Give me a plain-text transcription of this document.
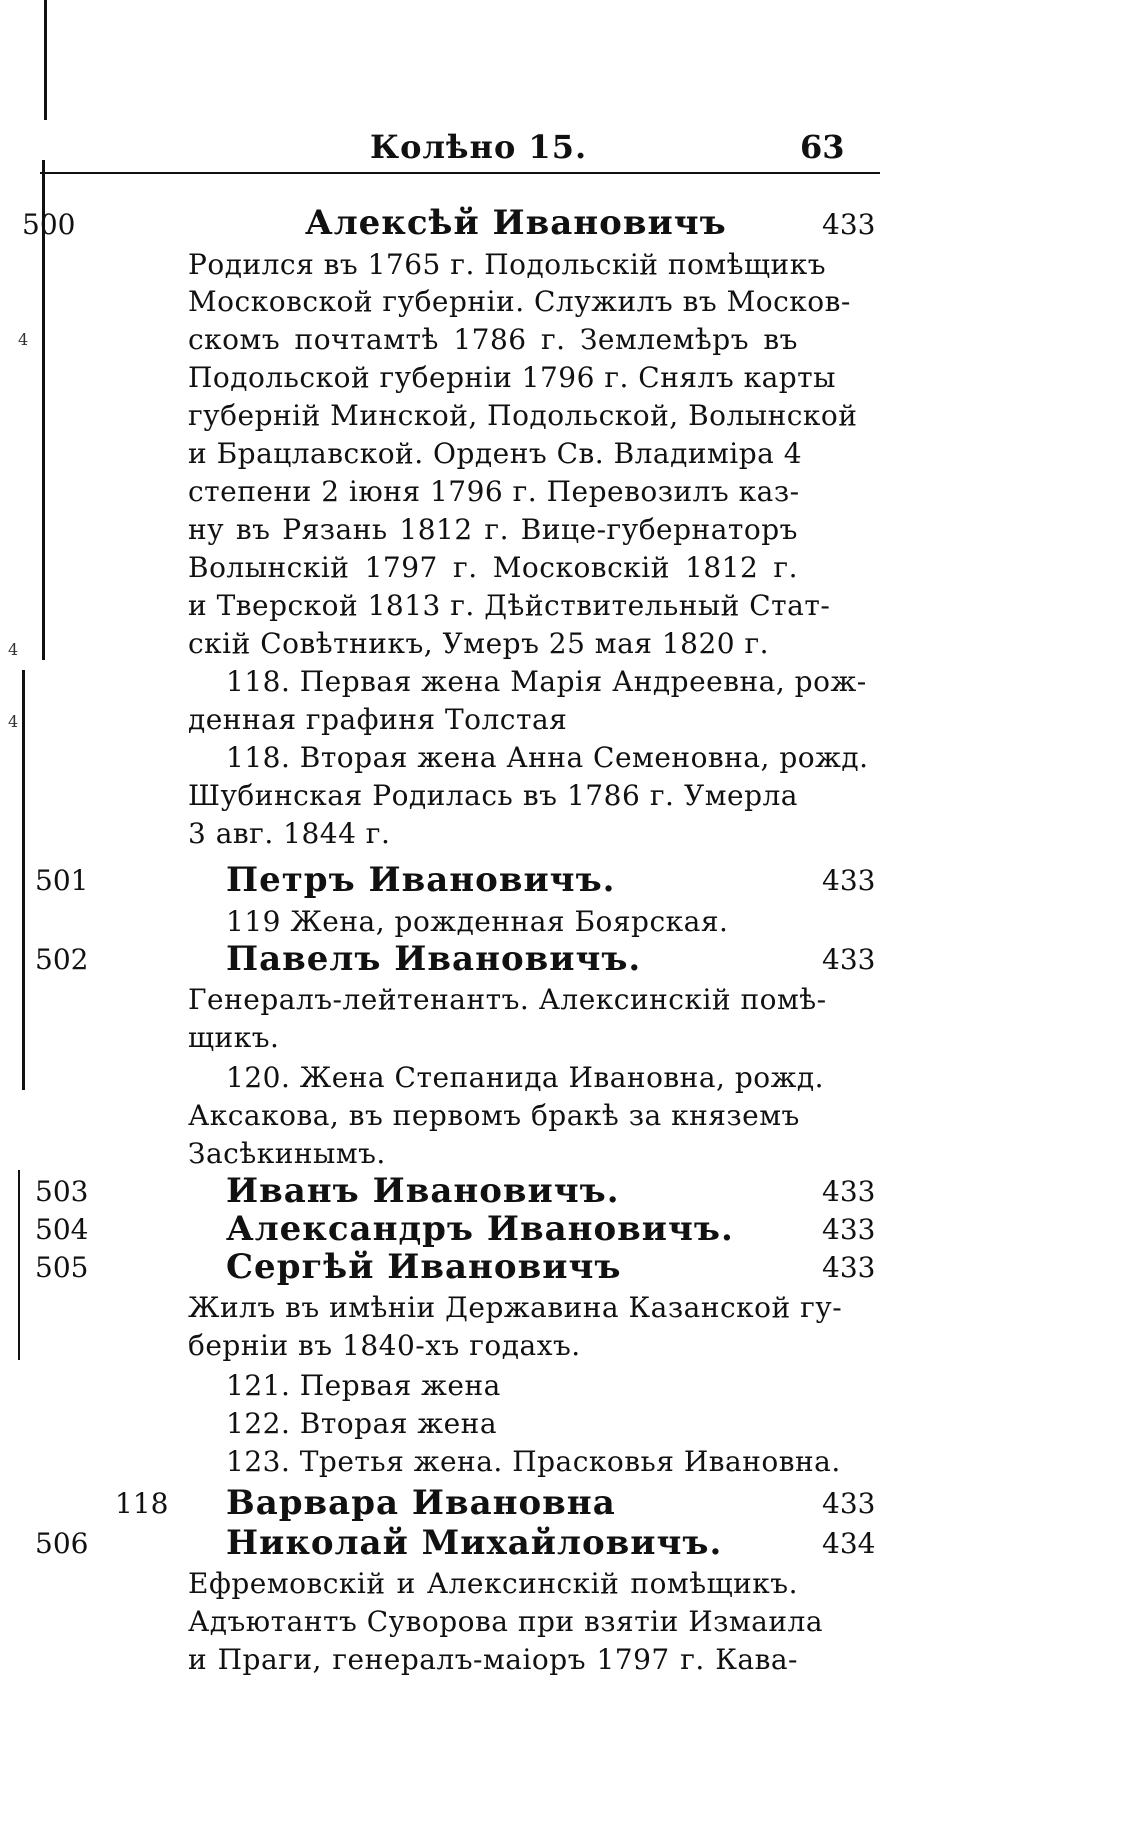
Колѣно 15.	63
4
4
4
500	Алексѣй Ивановичъ	433
Родился въ 1765 г. Подольскій помѣщикъ
Московской губерніи. Служилъ въ Москов-
скомъ почтамтѣ 1786 г. Землемѣръ въ
Подольской губерніи 1796 г. Снялъ карты
губерній Минской, Подольской, Волынской
и Брацлавской. Орденъ Св. Владиміра 4
степени 2 іюня 1796 г. Перевозилъ каз-
ну въ Рязань 1812 г. Вице-губернаторъ
Волынскій 1797 г. Московскій 1812 г.
и Тверской 1813 г. Дѣйствительный Стат-
скій Совѣтникъ, Умеръ 25 мая 1820 г.
118. Первая жена Марія Андреевна, рож-
денная графиня Толстая
118. Вторая жена Анна Семеновна, рожд.
Шубинская Родилась въ 1786 г. Умерла
3 авг. 1844 г.
501	Петръ Ивановичъ.	433
119 Жена, рожденная Боярская.
502	Павелъ Ивановичъ.	433
Генералъ-лейтенантъ. Алексинскій помѣ-
щикъ.
120. Жена Степанида Ивановна, рожд.
Аксакова, въ первомъ бракѣ за княземъ
Засѣкинымъ.
503	Иванъ Ивановичъ.	433
504	Александръ Ивановичъ.	433
505	Сергѣй Ивановичъ	433
Жилъ въ имѣніи Державина Казанской гу-
берніи въ 1840-хъ годахъ.
121. Первая жена
122. Вторая жена
123. Третья жена. Прасковья Ивановна.
118 Варвара Ивановна	433
506	Николай Михайловичъ.	434
Ефремовскій и Алексинскій помѣщикъ.
Адъютантъ Суворова при взятіи Измаила
и Праги, генералъ-маіоръ 1797 г. Кава-
